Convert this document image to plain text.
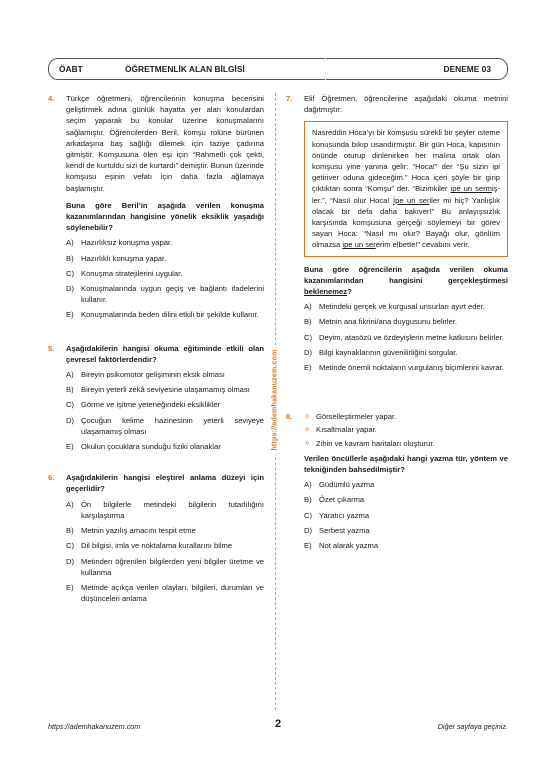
ÖABT	ÖĞRETMENLİK ALAN BİLGİSİ	DENEME 03
https://ademhakanuzem.com
4.	Türkçe öğretmeni, öğrencilerinin konuşma becerisini geliştirmek adına günlük hayatta yer alan konulardan seçim yaparak bu konular üzerine konuşmalarını sağlamıştır. Öğrencilerden Beril, komşu rolüne bürünen arkadaşına baş sağlığı dilemek için taziye çadırına gitmiştir. Komşusuna ölen eşi için “Rahmetli çok çekti, kendi de kurtuldu sizi de kurtardı” demiştir. Bunun üzerinde komşusu eşinin vefatı için daha fazla ağlamaya başlamıştır.
Buna göre Beril’in aşağıda verilen konuşma kazanımlarından hangisine yönelik eksiklik yaşadığı söylenebilir?
A) Hazırlıksız konuşma yapar.
B) Hazırlıklı konuşma yapar.
C) Konuşma stratejilerini uygular.
D) Konuşmalarında uygun geçiş ve bağlantı ifadelerini kullanır.
E) Konuşmalarında beden dilini etkili bir şekilde kullanır.
5.	Aşağıdakilerin hangisi okuma eğitiminde etkili olan çevresel faktörlerdendir?
A) Bireyin psikomotor gelişiminin eksik olması
B) Bireyin yeterli zekâ seviyesine ulaşamamış olması
C) Görme ve işitme yeteneğindeki eksiklikler
D) Çocuğun kelime hazinesinin yeterli seviyeye ulaşamamış olması
E) Okulun çocuklara sunduğu fiziki olanaklar
6.	Aşağıdakilerin hangisi eleştirel anlama düzeyi için geçerlidir?
A) Ön bilgilerle metindeki bilgilerin tutarlılığını karşılaştırma
B) Metnin yazılış amacını tespit etme
C) Dil bilgisi, imla ve noktalama kurallarını bilme
D) Metinden öğrenilen bilgilerden yeni bilgiler üretme ve kullanma
E) Metinde açıkça verilen olayları, bilgileri, durumları ve düşünceleri anlama
7.	Elif Öğretmen, öğrencilerine aşağıdaki okuma metnini dağıtmıştır:
Nasreddin Hoca’yı bir komşusu sürekli bir şeyler isteme konusunda bıkıp usandırmıştır. Bir gün Hoca, kapısının önünde oturup dinlenirken her malına ortak olan komşusu yine yanına gelir: “Hoca!” der “Şu sizin ipi getiriver oduna gideceğim.” Hoca içeri şöyle bir girip çıktıktan sonra “Komşu” der. “Bizimkiler ipe un sermiş-ler.”, “Nasıl olur Hoca! İpe un seriler mi hiç? Yanlışlık olacak bir defa daha bakıver!” Bu anlayışsızlık karşısında komşusuna gerçeği söylemeyi bir görev sayan Hoca: “Nasıl mı olur? Bayağı olur, gönlüm olmazsa ipe un sererim elbette!” cevabını verir.
Buna göre öğrencilerin aşağıda verilen okuma kazanımlarından hangisini gerçekleştirmesi beklenemez?
A) Metindeki gerçek ve kurgusal unsurları ayırt eder.
B) Metnin ana fikrini/ana duygusunu belirler.
C) Deyim, atasözü ve özdeyişlerin metne katkısını belirler.
D) Bilgi kaynaklarının güvenilirliğini sorgular.
E) Metinde önemli noktaların vurgulanış biçimlerini kavrar.
8.	✧ Görselleştirmeler yapar.
✧ Kısaltmalar yapar.
✧ Zihin ve kavram haritaları oluşturur.
Verilen öncüllerle aşağıdaki hangi yazma tür, yöntem ve tekniğinden bahsedilmiştir?
A) Güdümlü yazma
B) Özet çıkarma
C) Yaratıcı yazma
D) Serbest yazma
E) Not alarak yazma
https://ademhakanuzem.com	2	Diğer sayfaya geçiniz.
